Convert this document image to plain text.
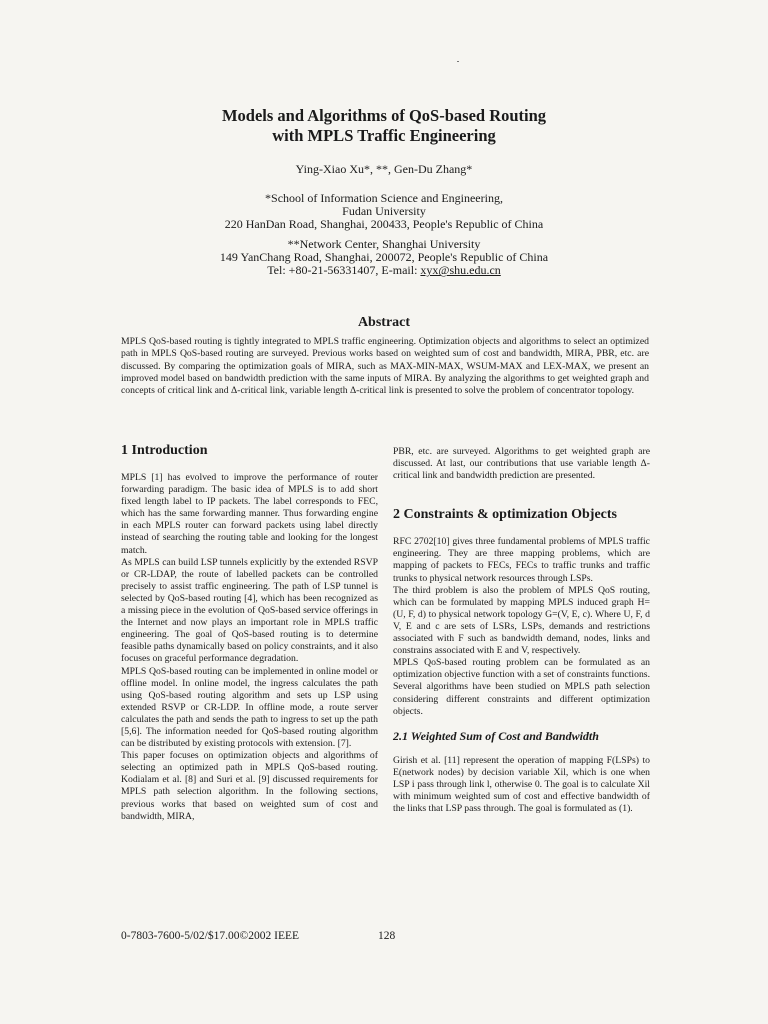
Models and Algorithms of QoS-based Routing
with MPLS Traffic Engineering
Ying-Xiao Xu*, **, Gen-Du Zhang*
*School of Information Science and Engineering,
Fudan University
220 HanDan Road, Shanghai, 200433, People's Republic of China
**Network Center, Shanghai University
149 YanChang Road, Shanghai, 200072, People's Republic of China
Tel: +80-21-56331407, E-mail: xyx@shu.edu.cn
Abstract
MPLS QoS-based routing is tightly integrated to MPLS traffic engineering. Optimization objects and algorithms to select an optimized path in MPLS QoS-based routing are surveyed. Previous works based on weighted sum of cost and bandwidth, MIRA, PBR, etc. are discussed. By comparing the optimization goals of MIRA, such as MAX-MIN-MAX, WSUM-MAX and LEX-MAX, we present an improved model based on bandwidth prediction with the same inputs of MIRA. By analyzing the algorithms to get weighted graph and concepts of critical link and Δ-critical link, variable length Δ-critical link is presented to solve the problem of concentrator topology.
1 Introduction

MPLS [1] has evolved to improve the performance of router forwarding paradigm. The basic idea of MPLS is to add short fixed length label to IP packets. The label corresponds to FEC, which has the same forwarding manner. Thus forwarding engine in each MPLS router can forward packets using label directly instead of searching the routing table and looking for the longest match.

As MPLS can build LSP tunnels explicitly by the extended RSVP or CR-LDAP, the route of labelled packets can be controlled precisely to assist traffic engineering. The path of LSP tunnel is selected by QoS-based routing [4], which has been recognized as a missing piece in the evolution of QoS-based service offerings in the Internet and now plays an important role in MPLS traffic engineering. The goal of QoS-based routing is to determine feasible paths dynamically based on policy constraints, and it also focuses on graceful performance degradation.

MPLS QoS-based routing can be implemented in online model or offline model. In online model, the ingress calculates the path using QoS-based routing algorithm and sets up LSP using extended RSVP or CR-LDP. In offline mode, a route server calculates the path and sends the path to ingress to set up the path [5,6]. The information needed for QoS-based routing algorithm can be distributed by existing protocols with extension. [7].

This paper focuses on optimization objects and algorithms of selecting an optimized path in MPLS QoS-based routing. Kodialam et al. [8] and Suri et al. [9] discussed requirements for MPLS path selection algorithm. In the following sections, previous works that based on weighted sum of cost and bandwidth, MIRA,

PBR, etc. are surveyed. Algorithms to get weighted graph are discussed. At last, our contributions that use variable length Δ-critical link and bandwidth prediction are presented.

2 Constraints & optimization Objects

RFC 2702[10] gives three fundamental problems of MPLS traffic engineering. They are three mapping problems, which are mapping of packets to FECs, FECs to traffic trunks and traffic trunks to physical network resources through LSPs.

The third problem is also the problem of MPLS QoS routing, which can be formulated by mapping MPLS induced graph H=(U, F, d) to physical network topology G=(V, E, c). Where U, F, d V, E and c are sets of LSRs, LSPs, demands and restrictions associated with F such as bandwidth demand, nodes, links and constrains associated with E and V, respectively.

MPLS QoS-based routing problem can be formulated as an optimization objective function with a set of constraints functions. Several algorithms have been studied on MPLS path selection considering different constraints and different optimization objects.

2.1 Weighted Sum of Cost and Bandwidth

Girish et al. [11] represent the operation of mapping F(LSPs) to E(network nodes) by decision variable Xil, which is one when LSP i pass through link l, otherwise 0. The goal is to calculate Xil with minimum weighted sum of cost and effective bandwidth of the links that LSP pass through. The goal is formulated as (1).

0-7803-7600-5/02/$17.00©2002 IEEE	128
